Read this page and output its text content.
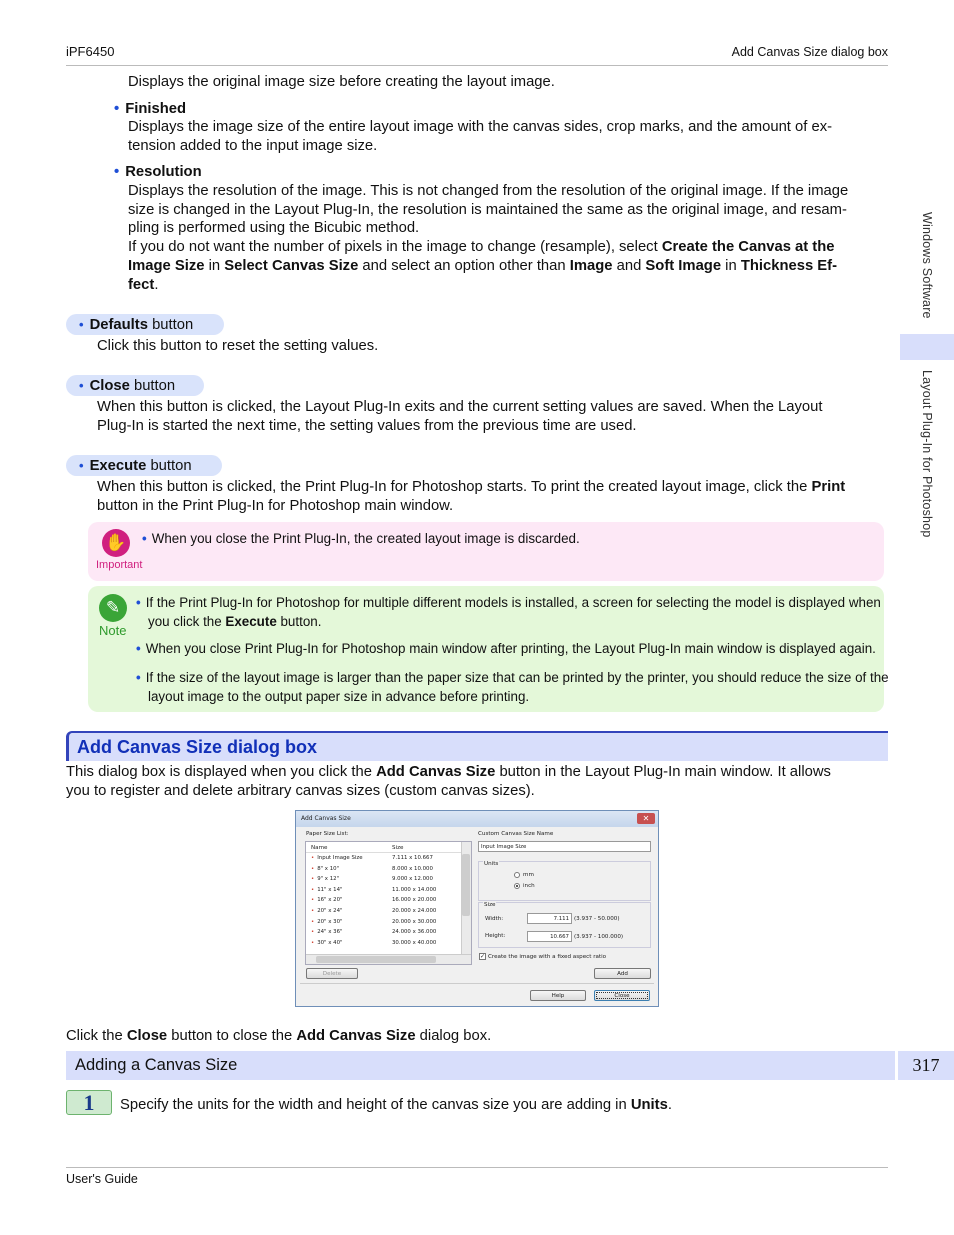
iPF6450	Add Canvas Size dialog box
Windows Software
Layout Plug-In for Photoshop
Displays the original image size before creating the layout image.
• Finished
Displays the image size of the entire layout image with the canvas sides, crop marks, and the amount of ex-
tension added to the input image size.
• Resolution
Displays the resolution of the image. This is not changed from the resolution of the original image. If the image
size is changed in the Layout Plug-In, the resolution is maintained the same as the original image, and resam-
pling is performed using the Bicubic method.
If you do not want the number of pixels in the image to change (resample), select Create the Canvas at the
Image Size in Select Canvas Size and select an option other than Image and Soft Image in Thickness Ef-
fect.
• Defaults button
Click this button to reset the setting values.
• Close button
When this button is clicked, the Layout Plug-In exits and the current setting values are saved. When the Layout
Plug-In is started the next time, the setting values from the previous time are used.
• Execute button
When this button is clicked, the Print Plug-In for Photoshop starts. To print the created layout image, click the Print
button in the Print Plug-In for Photoshop main window.
✋
Important
• When you close the Print Plug-In, the created layout image is discarded.
✎
Note
• If the Print Plug-In for Photoshop for multiple different models is installed, a screen for selecting the model is displayed when
you click the Execute button.
• When you close Print Plug-In for Photoshop main window after printing, the Layout Plug-In main window is displayed again.
• If the size of the layout image is larger than the paper size that can be printed by the printer, you should reduce the size of the
layout image to the output paper size in advance before printing.
Add Canvas Size dialog box
This dialog box is displayed when you click the Add Canvas Size button in the Layout Plug-In main window. It allows
you to register and delete arbitrary canvas sizes (custom canvas sizes).
Add Canvas Size	✕
Paper Size List:
Name	Size
• Input Image Size	7.111 x 10.667
• 8" x 10"	8.000 x 10.000
• 9" x 12"	9.000 x 12.000
• 11" x 14"	11.000 x 14.000
• 16" x 20"	16.000 x 20.000
• 20" x 24"	20.000 x 24.000
• 20" x 30"	20.000 x 30.000
• 24" x 36"	24.000 x 36.000
• 30" x 40"	30.000 x 40.000
Custom Canvas Size Name
Input Image Size
Units
mm
inch
Size
Width:	7.111 (3.937 - 50.000)
Height:	10.667 (3.937 - 100.000)
✓ Create the image with a fixed aspect ratio
Delete	Add
Help	Close
Click the Close button to close the Add Canvas Size dialog box.
Adding a Canvas Size	317
1	Specify the units for the width and height of the canvas size you are adding in Units.
User's Guide
